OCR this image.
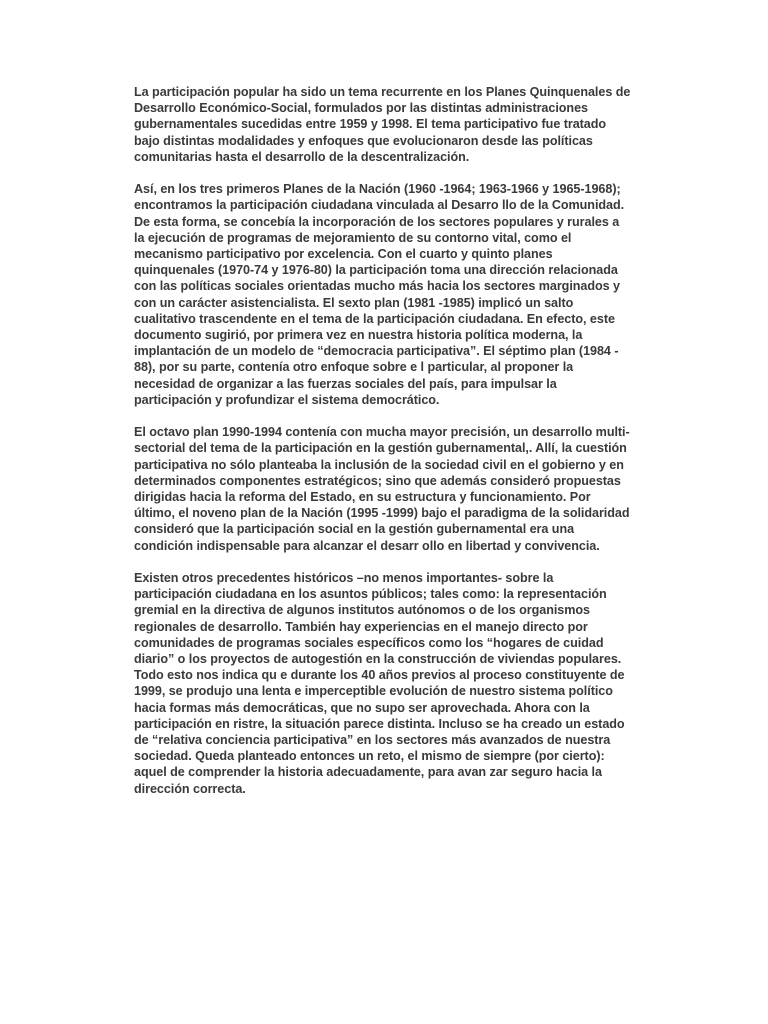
La participación popular ha sido un tema recurrente en los Planes Quinquenales de
Desarrollo Económico-Social, formulados por las distintas administraciones
gubernamentales sucedidas entre 1959 y 1998. El tema participativo fue tratado
bajo distintas modalidades y enfoques que evolucionaron desde las políticas
comunitarias hasta el desarrollo de la descentralización.

Así, en los tres primeros Planes de la Nación (1960 -1964; 1963-1966 y 1965-1968);
encontramos la participación ciudadana vinculada al Desarro llo de la Comunidad.
De esta forma, se concebía la incorporación de los sectores populares y rurales a
la ejecución de programas de mejoramiento de su contorno vital, como el
mecanismo participativo por excelencia. Con el cuarto y quinto planes
quinquenales (1970-74 y 1976-80) la participación toma una dirección relacionada
con las políticas sociales orientadas mucho más hacia los sectores marginados y
con un carácter asistencialista. El sexto plan (1981 -1985) implicó un salto
cualitativo trascendente en el tema de la participación ciudadana. En efecto, este
documento sugirió, por primera vez en nuestra historia política moderna, la
implantación de un modelo de “democracia participativa”. El séptimo plan (1984 -
88), por su parte, contenía otro enfoque sobre e l particular, al proponer la
necesidad de organizar a las fuerzas sociales del país, para impulsar la
participación y profundizar el sistema democrático.

El octavo plan 1990-1994 contenía con mucha mayor precisión, un desarrollo multi-
sectorial del tema de la participación en la gestión gubernamental,. Allí, la cuestión
participativa no sólo planteaba la inclusión de la sociedad civil en el gobierno y en
determinados componentes estratégicos; sino que además consideró propuestas
dirigidas hacia la reforma del Estado, en su estructura y funcionamiento. Por
último, el noveno plan de la Nación (1995 -1999) bajo el paradigma de la solidaridad
consideró que la participación social en la gestión gubernamental era una
condición indispensable para alcanzar el desarr ollo en libertad y convivencia.

Existen otros precedentes históricos –no menos importantes- sobre la
participación ciudadana en los asuntos públicos; tales como: la representación
gremial en la directiva de algunos institutos autónomos o de los organismos
regionales de desarrollo. También hay experiencias en el manejo directo por
comunidades de programas sociales específicos como los “hogares de cuidad
diario” o los proyectos de autogestión en la construcción de viviendas populares.
Todo esto nos indica qu e durante los 40 años previos al proceso constituyente de
1999, se produjo una lenta e imperceptible evolución de nuestro sistema político
hacia formas más democráticas, que no supo ser aprovechada. Ahora con la
participación en ristre, la situación parece distinta. Incluso se ha creado un estado
de “relativa conciencia participativa” en los sectores más avanzados de nuestra
sociedad. Queda planteado entonces un reto, el mismo de siempre (por cierto):
aquel de comprender la historia adecuadamente, para avan zar seguro hacia la
dirección correcta.
